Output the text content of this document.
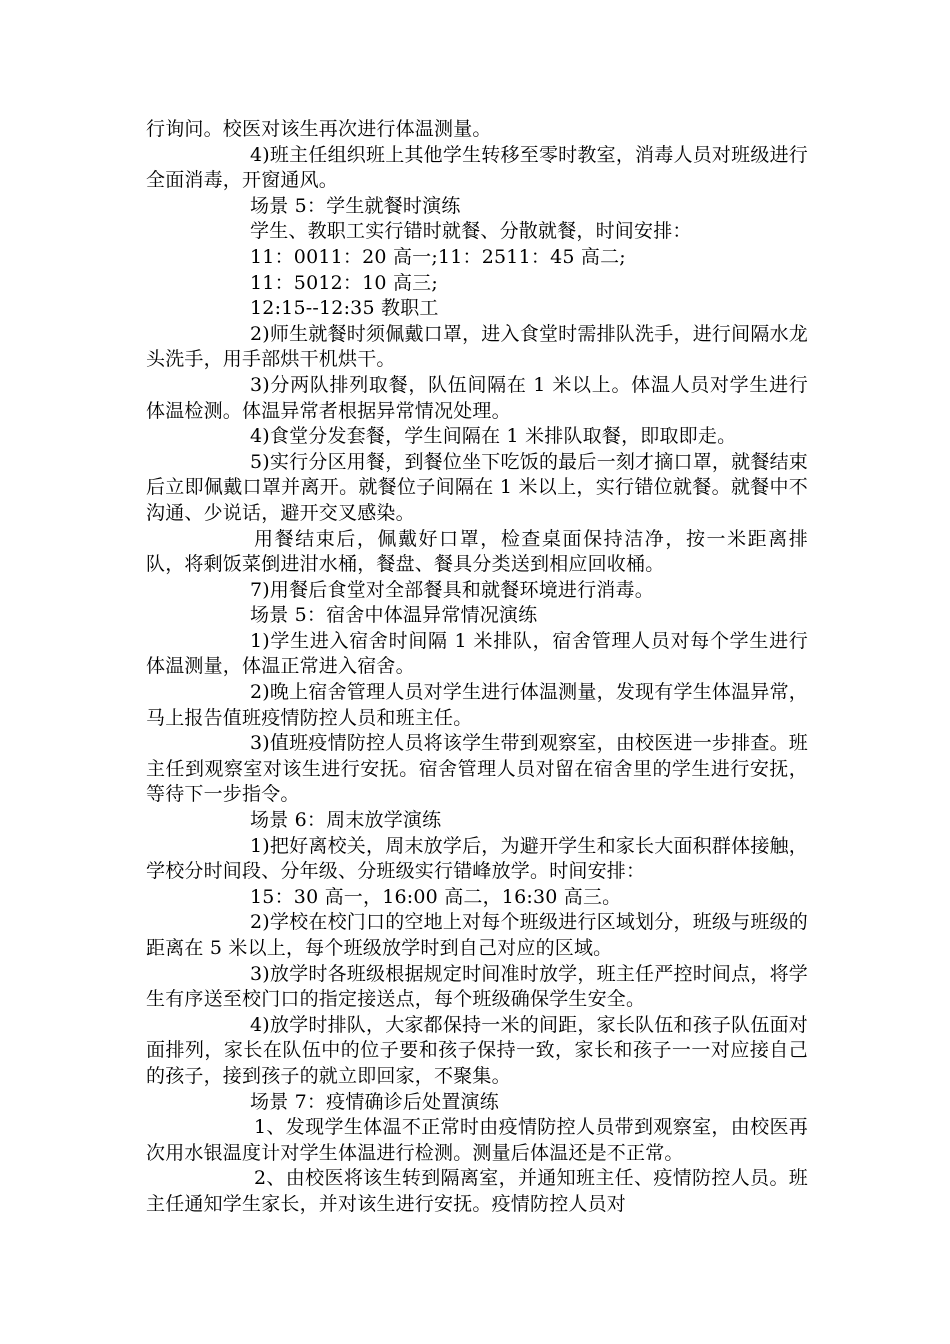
行询问。校医对该生再次进行体温测量。

4)班主任组织班上其他学生转移至零时教室，消毒人员对班级进行全面消毒，开窗通风。

场景 5：学生就餐时演练

学生、教职工实行错时就餐、分散就餐，时间安排：

11：0011：20 高一;11：2511：45 高二;

11：5012：10 高三;

12:15--12:35 教职工

2)师生就餐时须佩戴口罩，进入食堂时需排队洗手，进行间隔水龙头洗手，用手部烘干机烘干。

3)分两队排列取餐，队伍间隔在 1 米以上。体温人员对学生进行体温检测。体温异常者根据异常情况处理。

4)食堂分发套餐，学生间隔在 1 米排队取餐，即取即走。

5)实行分区用餐，到餐位坐下吃饭的最后一刻才摘口罩，就餐结束后立即佩戴口罩并离开。就餐位子间隔在 1 米以上，实行错位就餐。就餐中不沟通、少说话，避开交叉感染。

用餐结束后，佩戴好口罩，检查桌面保持洁净，按一米距离排队，将剩饭菜倒进泔水桶，餐盘、餐具分类送到相应回收桶。

7)用餐后食堂对全部餐具和就餐环境进行消毒。

场景 5：宿舍中体温异常情况演练

1)学生进入宿舍时间隔 1 米排队，宿舍管理人员对每个学生进行体温测量，体温正常进入宿舍。

2)晚上宿舍管理人员对学生进行体温测量，发现有学生体温异常，马上报告值班疫情防控人员和班主任。

3)值班疫情防控人员将该学生带到观察室，由校医进一步排查。班主任到观察室对该生进行安抚。宿舍管理人员对留在宿舍里的学生进行安抚，等待下一步指令。

场景 6：周末放学演练

1)把好离校关，周末放学后，为避开学生和家长大面积群体接触，学校分时间段、分年级、分班级实行错峰放学。时间安排：

15：30 高一，16:00 高二，16:30 高三。

2)学校在校门口的空地上对每个班级进行区域划分，班级与班级的距离在 5 米以上，每个班级放学时到自己对应的区域。

3)放学时各班级根据规定时间准时放学，班主任严控时间点，将学生有序送至校门口的指定接送点，每个班级确保学生安全。

4)放学时排队，大家都保持一米的间距，家长队伍和孩子队伍面对面排列，家长在队伍中的位子要和孩子保持一致，家长和孩子一一对应接自己的孩子，接到孩子的就立即回家，不聚集。

场景 7：疫情确诊后处置演练

1、发现学生体温不正常时由疫情防控人员带到观察室，由校医再次用水银温度计对学生体温进行检测。测量后体温还是不正常。

2、由校医将该生转到隔离室，并通知班主任、疫情防控人员。班主任通知学生家长，并对该生进行安抚。疫情防控人员对
